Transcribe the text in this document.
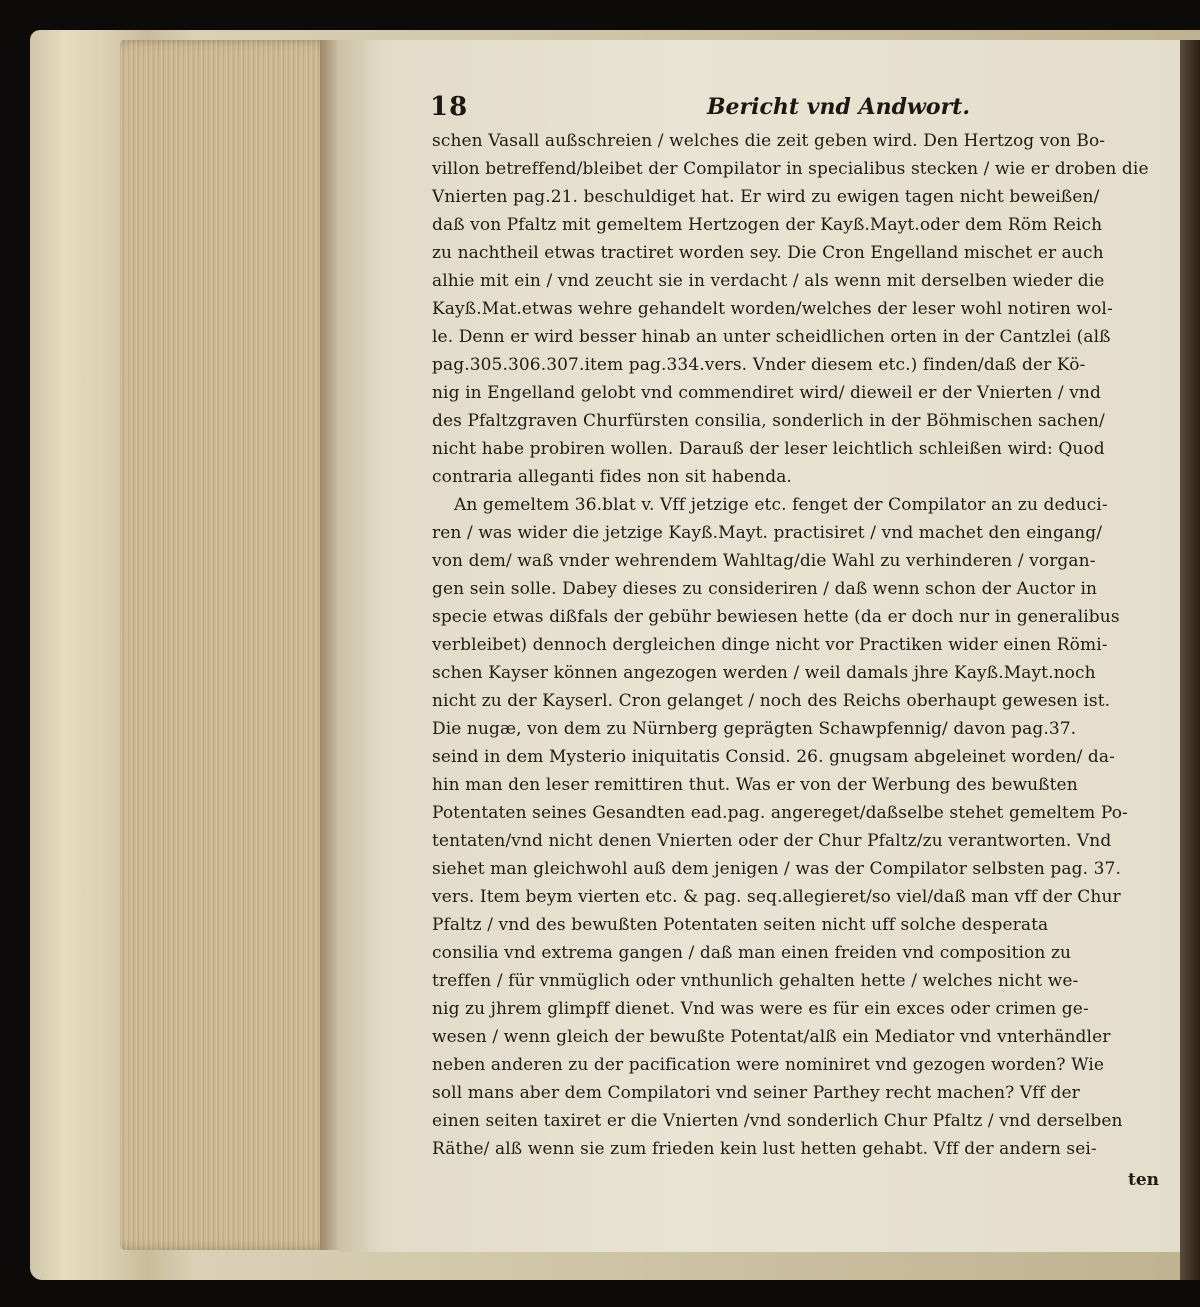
18	Bericht vnd Andwort.
schen Vasall außschreien / welches die zeit geben wird. Den Hertzog von Bo-
villon betreffend/bleibet der Compilator in specialibus stecken / wie er droben die
Vnierten pag.21. beschuldiget hat. Er wird zu ewigen tagen nicht beweißen/
daß von Pfaltz mit gemeltem Hertzogen der Kayß.Mayt.oder dem Röm Reich
zu nachtheil etwas tractiret worden sey. Die Cron Engelland mischet er auch
alhie mit ein / vnd zeucht sie in verdacht / als wenn mit derselben wieder die
Kayß.Mat.etwas wehre gehandelt worden/welches der leser wohl notiren wol-
le. Denn er wird besser hinab an unter scheidlichen orten in der Cantzlei (alß
pag.305.306.307.item pag.334.vers. Vnder diesem etc.) finden/daß der Kö-
nig in Engelland gelobt vnd commendiret wird/ dieweil er der Vnierten / vnd
des Pfaltzgraven Churfürsten consilia, sonderlich in der Böhmischen sachen/
nicht habe probiren wollen. Darauß der leser leichtlich schleißen wird: Quod
contraria alleganti fides non sit habenda.
An gemeltem 36.blat v. Vff jetzige etc. fenget der Compilator an zu deduci-
ren / was wider die jetzige Kayß.Mayt. practisiret / vnd machet den eingang/
von dem/ waß vnder wehrendem Wahltag/die Wahl zu verhinderen / vorgan-
gen sein solle. Dabey dieses zu consideriren / daß wenn schon der Auctor in
specie etwas dißfals der gebühr bewiesen hette (da er doch nur in generalibus
verbleibet) dennoch dergleichen dinge nicht vor Practiken wider einen Römi-
schen Kayser können angezogen werden / weil damals jhre Kayß.Mayt.noch
nicht zu der Kayserl. Cron gelanget / noch des Reichs oberhaupt gewesen ist.
Die nugæ, von dem zu Nürnberg geprägten Schawpfennig/ davon pag.37.
seind in dem Mysterio iniquitatis Consid. 26. gnugsam abgeleinet worden/ da-
hin man den leser remittiren thut. Was er von der Werbung des bewußten
Potentaten seines Gesandten ead.pag. angereget/daßselbe stehet gemeltem Po-
tentaten/vnd nicht denen Vnierten oder der Chur Pfaltz/zu verantworten. Vnd
siehet man gleichwohl auß dem jenigen / was der Compilator selbsten pag. 37.
vers. Item beym vierten etc. & pag. seq.allegieret/so viel/daß man vff der Chur
Pfaltz / vnd des bewußten Potentaten seiten nicht uff solche desperata
consilia vnd extrema gangen / daß man einen freiden vnd composition zu
treffen / für vnmüglich oder vnthunlich gehalten hette / welches nicht we-
nig zu jhrem glimpff dienet. Vnd was were es für ein exces oder crimen ge-
wesen / wenn gleich der bewußte Potentat/alß ein Mediator vnd vnterhändler
neben anderen zu der pacification were nominiret vnd gezogen worden? Wie
soll mans aber dem Compilatori vnd seiner Parthey recht machen? Vff der
einen seiten taxiret er die Vnierten /vnd sonderlich Chur Pfaltz / vnd derselben
Räthe/ alß wenn sie zum frieden kein lust hetten gehabt. Vff der andern sei-
ten
